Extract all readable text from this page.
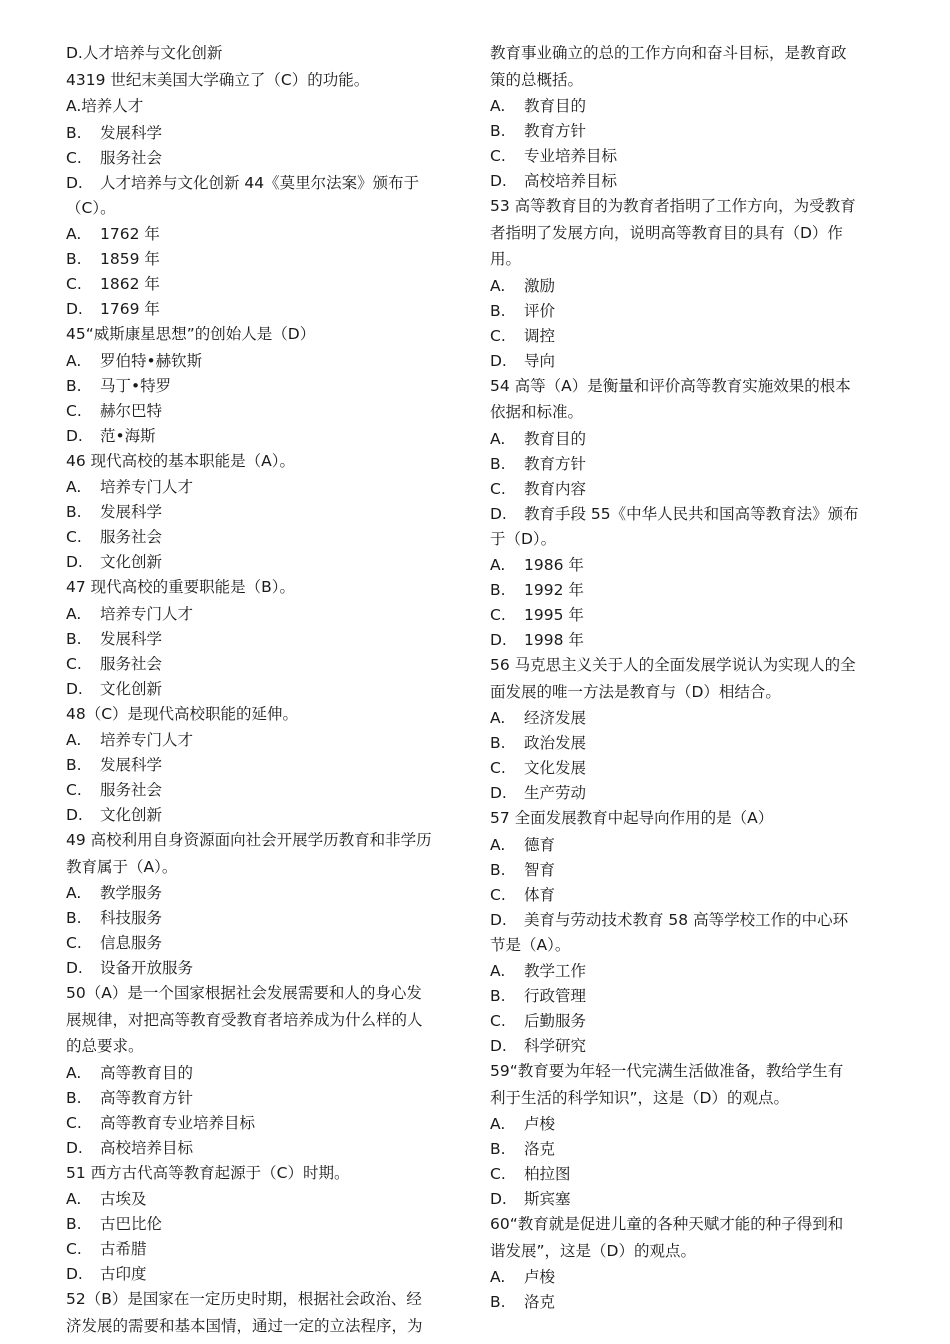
D.人才培养与文化创新
4319 世纪末美国大学确立了（C）的功能。
A.培养人才
B.	发展科学
C.	服务社会
D.	人才培养与文化创新 44《莫里尔法案》颁布于
（C）。
A.	1762 年
B.	1859 年
C.	1862 年
D.	1769 年
45“威斯康星思想”的创始人是（D）
A.	罗伯特•赫钦斯
B.	马丁•特罗
C.	赫尔巴特
D.	范•海斯
46 现代高校的基本职能是（A）。
A.	培养专门人才
B.	发展科学
C.	服务社会
D.	文化创新
47 现代高校的重要职能是（B）。
A.	培养专门人才
B.	发展科学
C.	服务社会
D.	文化创新
48（C）是现代高校职能的延伸。
A.	培养专门人才
B.	发展科学
C.	服务社会
D.	文化创新
49 高校利用自身资源面向社会开展学历教育和非学历
教育属于（A）。
A.	教学服务
B.	科技服务
C.	信息服务
D.	设备开放服务
50（A）是一个国家根据社会发展需要和人的身心发
展规律，对把高等教育受教育者培养成为什么样的人
的总要求。
A.	高等教育目的
B.	高等教育方针
C.	高等教育专业培养目标
D.	高校培养目标
51 西方古代高等教育起源于（C）时期。
A.	古埃及
B.	古巴比伦
C.	古希腊
D.	古印度
52（B）是国家在一定历史时期，根据社会政治、经
济发展的需要和基本国情，通过一定的立法程序，为
教育事业确立的总的工作方向和奋斗目标，是教育政
策的总概括。
A.	教育目的
B.	教育方针
C.	专业培养目标
D.	高校培养目标
53 高等教育目的为教育者指明了工作方向，为受教育
者指明了发展方向，说明高等教育目的具有（D）作
用。
A.	激励
B.	评价
C.	调控
D.	导向
54 高等（A）是衡量和评价高等教育实施效果的根本
依据和标准。
A.	教育目的
B.	教育方针
C.	教育内容
D.	教育手段 55《中华人民共和国高等教育法》颁布
于（D）。
A.	1986 年
B.	1992 年
C.	1995 年
D.	1998 年
56 马克思主义关于人的全面发展学说认为实现人的全
面发展的唯一方法是教育与（D）相结合。
A.	经济发展
B.	政治发展
C.	文化发展
D.	生产劳动
57 全面发展教育中起导向作用的是（A）
A.	德育
B.	智育
C.	体育
D.	美育与劳动技术教育 58 高等学校工作的中心环
节是（A）。
A.	教学工作
B.	行政管理
C.	后勤服务
D.	科学研究
59“教育要为年轻一代完满生活做准备，教给学生有
利于生活的科学知识”，这是（D）的观点。
A.	卢梭
B.	洛克
C.	柏拉图
D.	斯宾塞
60“教育就是促进儿童的各种天赋才能的种子得到和
谐发展”，这是（D）的观点。
A.	卢梭
B.	洛克
